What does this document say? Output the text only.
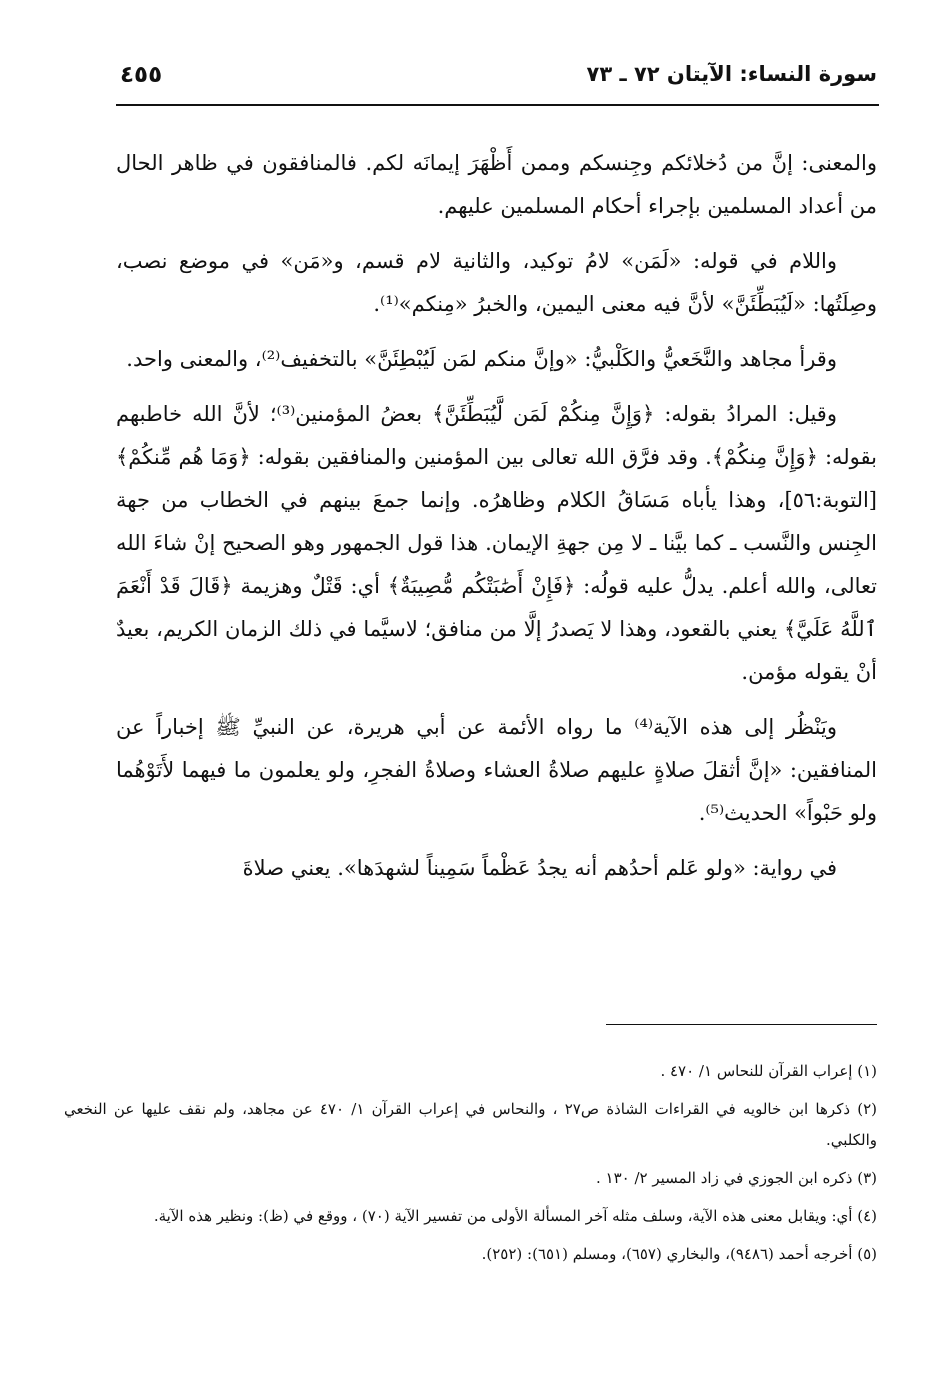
سورة النساء: الآيتان ٧٢ ـ ٧٣
٤٥٥

والمعنى: إنَّ من دُخلائكم وجِنسكم وممن أَظْهَرَ إيمانَه لكم. فالمنافقون في ظاهر الحال من أعداد المسلمين بإجراء أحكام المسلمين عليهم.

واللام في قوله: «لَمَن» لامُ توكيد، والثانية لام قسم، و«مَن» في موضع نصب، وصِلَتُها: «لَيُبَطِّئَنَّ» لأنَّ فيه معنى اليمين، والخبرُ «مِنكم»⁽¹⁾.

وقرأ مجاهد والنَّخَعيُّ والكَلْبيُّ: «وإنَّ منكم لمَن لَيُبْطِئَنَّ» بالتخفيف⁽²⁾، والمعنى واحد.

وقيل: المرادُ بقوله: ﴿وَإِنَّ مِنكُمْ لَمَن لَّيُبَطِّئَنَّ﴾ بعضُ المؤمنين⁽³⁾؛ لأنَّ الله خاطبهم بقوله: ﴿وَإِنَّ مِنكُمْ﴾. وقد فرَّق الله تعالى بين المؤمنين والمنافقين بقوله: ﴿وَمَا هُم مِّنكُمْ﴾ [التوبة:٥٦]، وهذا يأباه مَسَاقُ الكلام وظاهرُه. وإنما جمعَ بينهم في الخطاب من جهة الجِنس والنَّسب ـ كما بيَّنا ـ لا مِن جهةِ الإيمان. هذا قول الجمهور وهو الصحيح إنْ شاءَ الله تعالى، والله أعلم. يدلُّ عليه قولُه: ﴿فَإِنْ أَصَٰبَتْكُم مُّصِيبَةٌ﴾ أي: قَتْلٌ وهزيمة ﴿قَالَ قَدْ أَنْعَمَ ٱللَّهُ عَلَيَّ﴾ يعني بالقعود، وهذا لا يَصدرُ إلَّا من منافق؛ لاسيَّما في ذلك الزمان الكريم، بعيدٌ أنْ يقوله مؤمن.

ويَنْظُر إلى هذه الآية⁽⁴⁾ ما رواه الأئمة عن أبي هريرة، عن النبيِّ ﷺ إخباراً عن المنافقين: «إنَّ أثقلَ صلاةٍ عليهم صلاةُ العشاء وصلاةُ الفجرِ، ولو يعلمون ما فيهما لأَتَوْهُما ولو حَبْواً» الحديث⁽⁵⁾.

في رواية: «ولو عَلم أحدُهم أنه يجدُ عَظْماً سَمِيناً لشهدَها». يعني صلاةَ

(١) إعراب القرآن للنحاس ١/ ٤٧٠ .
(٢) ذكرها ابن خالويه في القراءات الشاذة ص٢٧ ، والنحاس في إعراب القرآن ١/ ٤٧٠ عن مجاهد، ولم نقف عليها عن النخعي والكلبي.
(٣) ذكره ابن الجوزي في زاد المسير ٢/ ١٣٠ .
(٤) أي: ويقابل معنى هذه الآية، وسلف مثله آخر المسألة الأولى من تفسير الآية (٧٠) ، ووقع في (ظ): ونظير هذه الآية.
(٥) أخرجه أحمد (٩٤٨٦)، والبخاري (٦٥٧)، ومسلم (٦٥١): (٢٥٢).
